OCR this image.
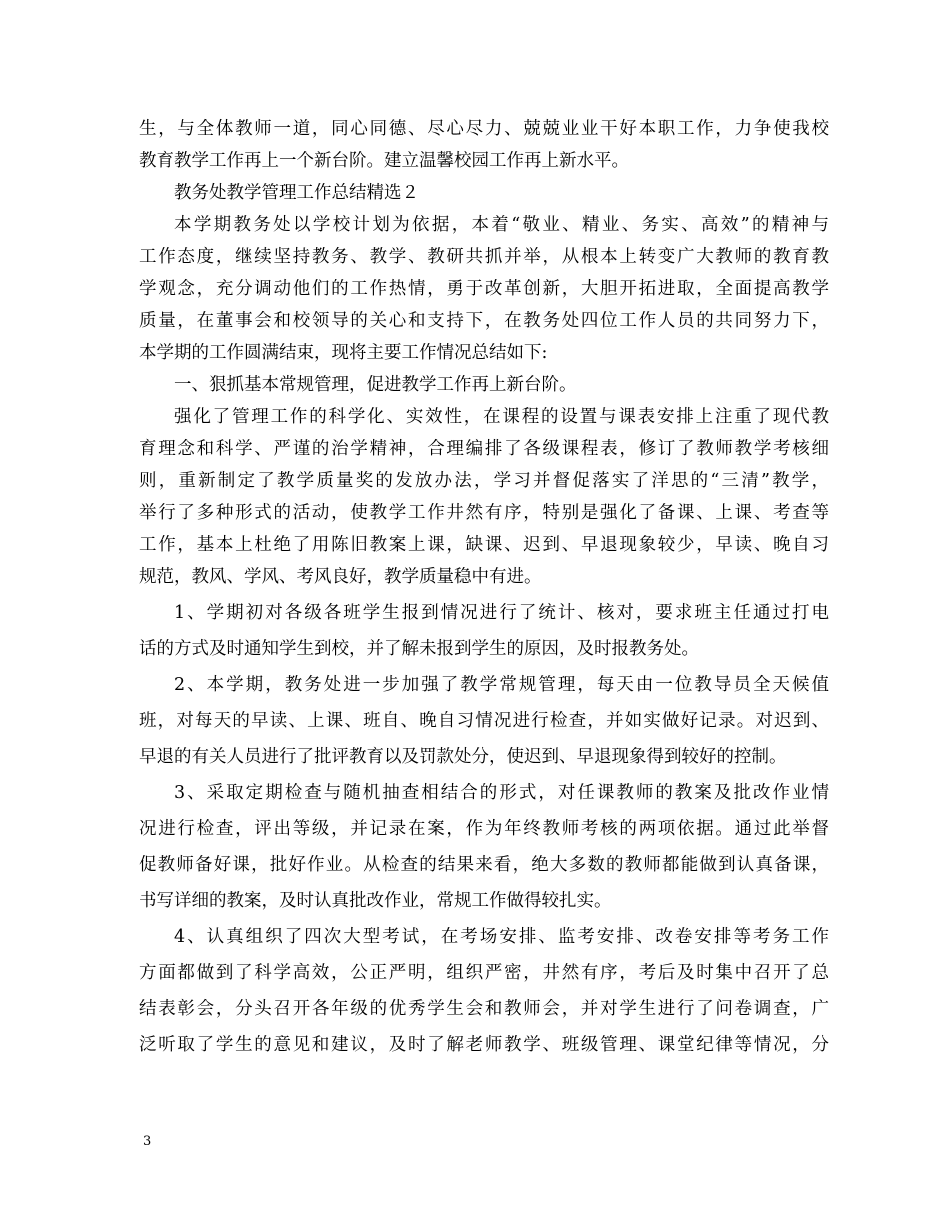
生，与全体教师一道，同心同德、尽心尽力、兢兢业业干好本职工作，力争使我校
教育教学工作再上一个新台阶。建立温馨校园工作再上新水平。
教务处教学管理工作总结精选２
本学期教务处以学校计划为依据，本着“敬业、精业、务实、高效”的精神与
工作态度，继续坚持教务、教学、教研共抓并举，从根本上转变广大教师的教育教
学观念，充分调动他们的工作热情，勇于改革创新，大胆开拓进取，全面提高教学
质量，在董事会和校领导的关心和支持下，在教务处四位工作人员的共同努力下，
本学期的工作圆满结束，现将主要工作情况总结如下:
一、狠抓基本常规管理，促进教学工作再上新台阶。
强化了管理工作的科学化、实效性，在课程的设置与课表安排上注重了现代教
育理念和科学、严谨的治学精神，合理编排了各级课程表，修订了教师教学考核细
则，重新制定了教学质量奖的发放办法，学习并督促落实了洋思的“三清”教学，
举行了多种形式的活动，使教学工作井然有序，特别是强化了备课、上课、考查等
工作，基本上杜绝了用陈旧教案上课，缺课、迟到、早退现象较少，早读、晚自习
规范，教风、学风、考风良好，教学质量稳中有进。
1、学期初对各级各班学生报到情况进行了统计、核对，要求班主任通过打电
话的方式及时通知学生到校，并了解未报到学生的原因，及时报教务处。
2、本学期，教务处进一步加强了教学常规管理，每天由一位教导员全天候值
班，对每天的早读、上课、班自、晚自习情况进行检查，并如实做好记录。对迟到、
早退的有关人员进行了批评教育以及罚款处分，使迟到、早退现象得到较好的控制。
3、采取定期检查与随机抽查相结合的形式，对任课教师的教案及批改作业情
况进行检查，评出等级，并记录在案，作为年终教师考核的两项依据。通过此举督
促教师备好课，批好作业。从检查的结果来看，绝大多数的教师都能做到认真备课，
书写详细的教案，及时认真批改作业，常规工作做得较扎实。
4、认真组织了四次大型考试，在考场安排、监考安排、改卷安排等考务工作
方面都做到了科学高效，公正严明，组织严密，井然有序，考后及时集中召开了总
结表彰会，分头召开各年级的优秀学生会和教师会，并对学生进行了问卷调查，广
泛听取了学生的意见和建议，及时了解老师教学、班级管理、课堂纪律等情况，分
3
